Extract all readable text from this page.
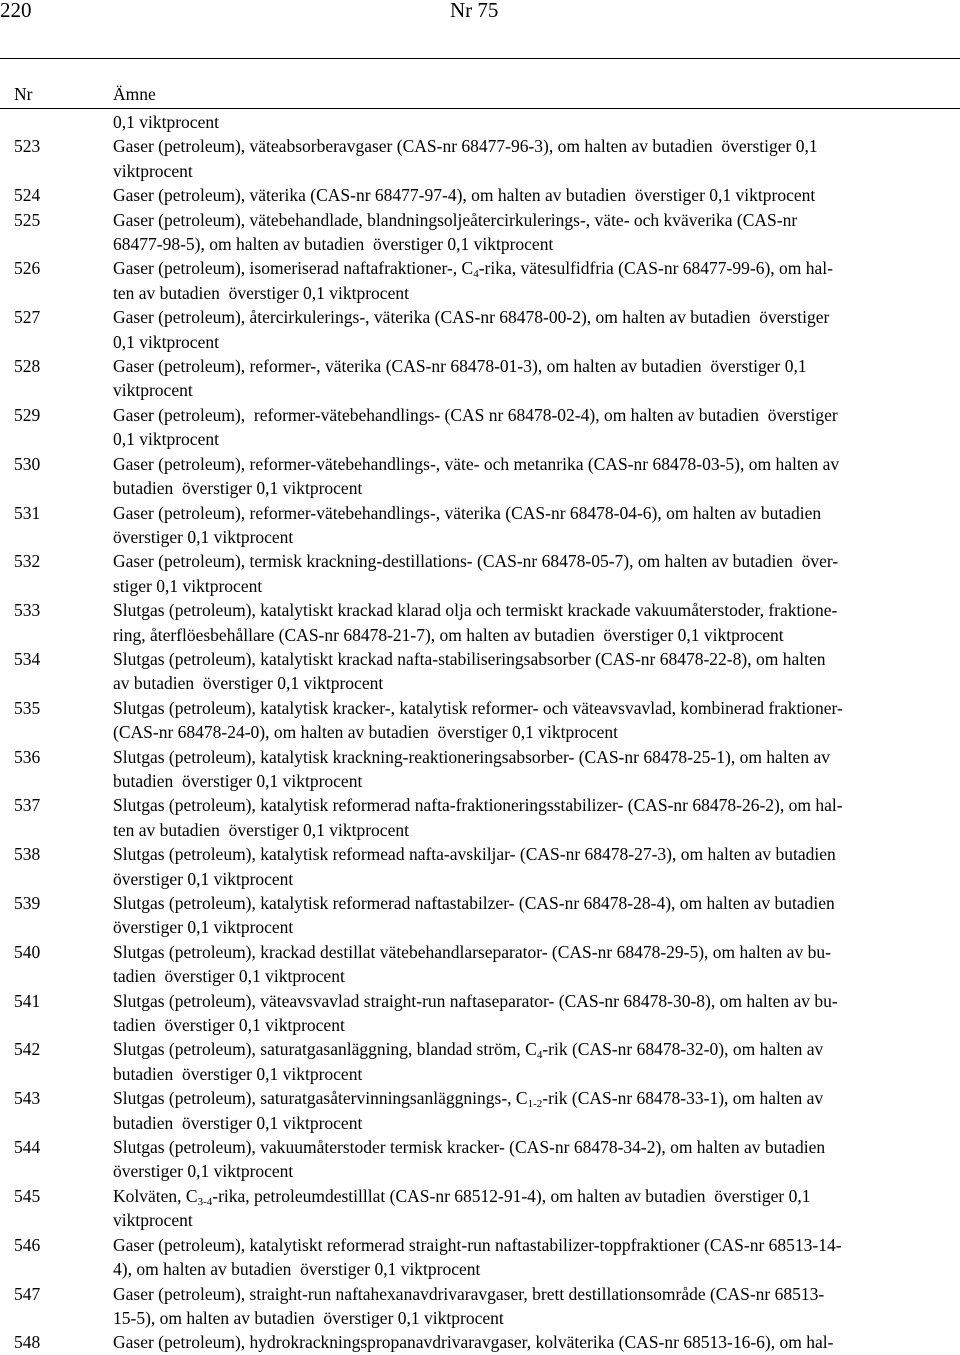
220	Nr 75
Nr	Ämne
0,1 viktprocent
523	Gaser (petroleum), väteabsorberavgaser (CAS-nr 68477-96-3), om halten av butadien  överstiger 0,1
viktprocent
524	Gaser (petroleum), väterika (CAS-nr 68477-97-4), om halten av butadien  överstiger 0,1 viktprocent
525	Gaser (petroleum), vätebehandlade, blandningsoljeåtercirkulerings-, väte- och kväverika (CAS-nr
68477-98-5), om halten av butadien  överstiger 0,1 viktprocent
526	Gaser (petroleum), isomeriserad naftafraktioner-, $C_4$-rika, vätesulfidfria (CAS-nr 68477-99-6), om hal-
ten av butadien  överstiger 0,1 viktprocent
527	Gaser (petroleum), återcirkulerings-, väterika (CAS-nr 68478-00-2), om halten av butadien  överstiger
0,1 viktprocent
528	Gaser (petroleum), reformer-, väterika (CAS-nr 68478-01-3), om halten av butadien  överstiger 0,1
viktprocent
529	Gaser (petroleum),  reformer-vätebehandlings- (CAS nr 68478-02-4), om halten av butadien  överstiger
0,1 viktprocent
530	Gaser (petroleum), reformer-vätebehandlings-, väte- och metanrika (CAS-nr 68478-03-5), om halten av
butadien  överstiger 0,1 viktprocent
531	Gaser (petroleum), reformer-vätebehandlings-, väterika (CAS-nr 68478-04-6), om halten av butadien
överstiger 0,1 viktprocent
532	Gaser (petroleum), termisk krackning-destillations- (CAS-nr 68478-05-7), om halten av butadien  över-
stiger 0,1 viktprocent
533	Slutgas (petroleum), katalytiskt krackad klarad olja och termiskt krackade vakuumåterstoder, fraktione-
ring, återflöesbehållare (CAS-nr 68478-21-7), om halten av butadien  överstiger 0,1 viktprocent
534	Slutgas (petroleum), katalytiskt krackad nafta-stabiliseringsabsorber (CAS-nr 68478-22-8), om halten
av butadien  överstiger 0,1 viktprocent
535	Slutgas (petroleum), katalytisk kracker-, katalytisk reformer- och väteavsvavlad, kombinerad fraktioner-
(CAS-nr 68478-24-0), om halten av butadien  överstiger 0,1 viktprocent
536	Slutgas (petroleum), katalytisk krackning-reaktioneringsabsorber- (CAS-nr 68478-25-1), om halten av
butadien  överstiger 0,1 viktprocent
537	Slutgas (petroleum), katalytisk reformerad nafta-fraktioneringsstabilizer- (CAS-nr 68478-26-2), om hal-
ten av butadien  överstiger 0,1 viktprocent
538	Slutgas (petroleum), katalytisk reformead nafta-avskiljar- (CAS-nr 68478-27-3), om halten av butadien
överstiger 0,1 viktprocent
539	Slutgas (petroleum), katalytisk reformerad naftastabilzer- (CAS-nr 68478-28-4), om halten av butadien
överstiger 0,1 viktprocent
540	Slutgas (petroleum), krackad destillat vätebehandlarseparator- (CAS-nr 68478-29-5), om halten av bu-
tadien  överstiger 0,1 viktprocent
541	Slutgas (petroleum), väteavsvavlad straight-run naftaseparator- (CAS-nr 68478-30-8), om halten av bu-
tadien  överstiger 0,1 viktprocent
542	Slutgas (petroleum), saturatgasanläggning, blandad ström, $C_4$-rik (CAS-nr 68478-32-0), om halten av
butadien  överstiger 0,1 viktprocent
543	Slutgas (petroleum), saturatgasåtervinningsanläggnings-, $C_{1-2}$-rik (CAS-nr 68478-33-1), om halten av
butadien  överstiger 0,1 viktprocent
544	Slutgas (petroleum), vakuumåterstoder termisk kracker- (CAS-nr 68478-34-2), om halten av butadien
överstiger 0,1 viktprocent
545	Kolväten, $C_{3-4}$-rika, petroleumdestilllat (CAS-nr 68512-91-4), om halten av butadien  överstiger 0,1
viktprocent
546	Gaser (petroleum), katalytiskt reformerad straight-run naftastabilizer-toppfraktioner (CAS-nr 68513-14-
4), om halten av butadien  överstiger 0,1 viktprocent
547	Gaser (petroleum), straight-run naftahexanavdrivaravgaser, brett destillationsområde (CAS-nr 68513-
15-5), om halten av butadien  överstiger 0,1 viktprocent
548	Gaser (petroleum), hydrokrackningspropanavdrivaravgaser, kolväterika (CAS-nr 68513-16-6), om hal-
